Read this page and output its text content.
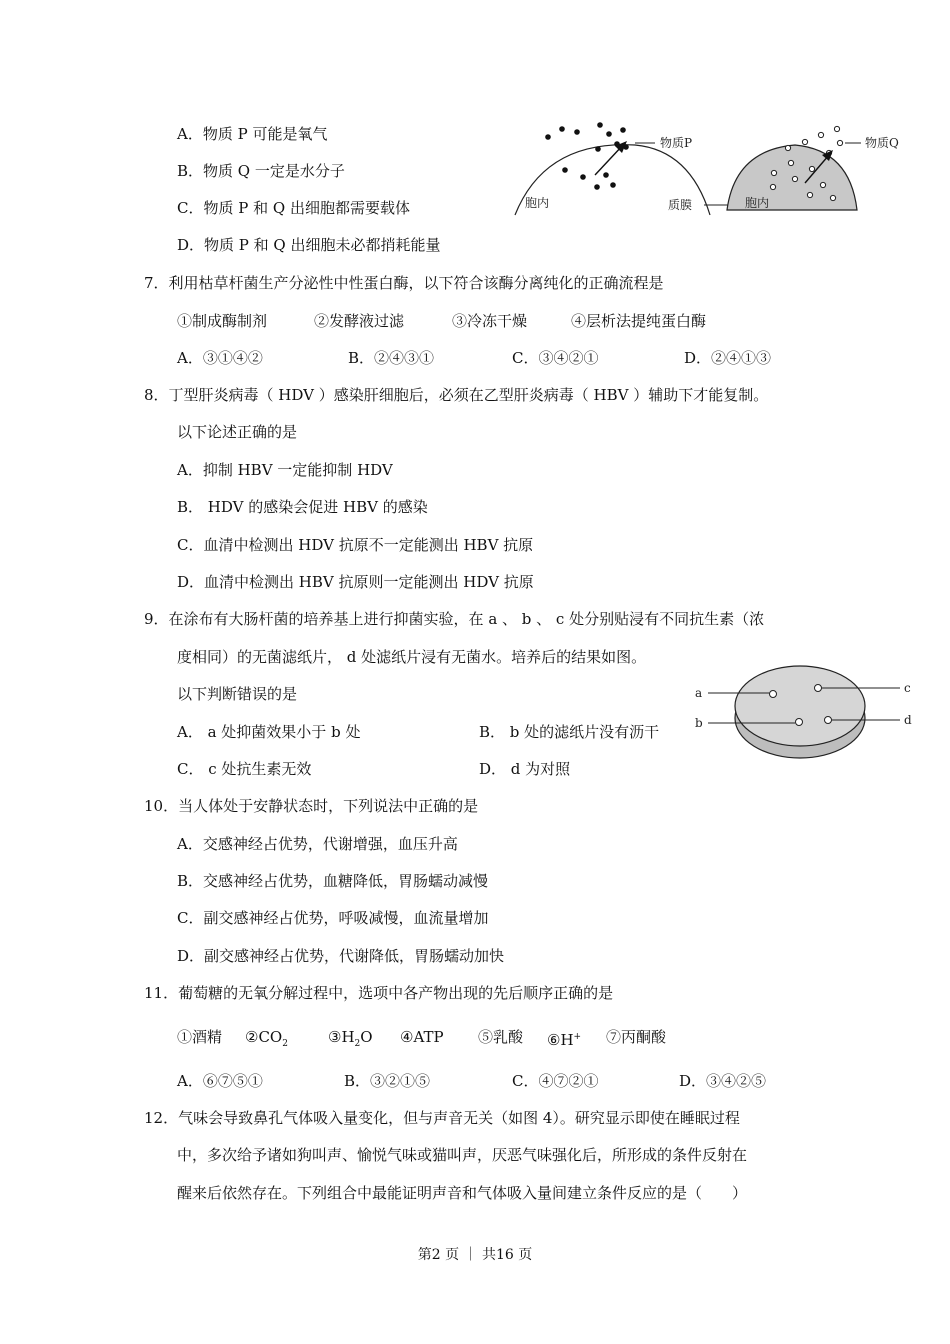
A．物质 P 可能是氧气
B．物质 Q 一定是水分子
C．物质 P 和 Q 出细胞都需要载体
D．物质 P 和 Q 出细胞未必都捎耗能量
物质P
胞内	质膜
物质Q
胞内
7．利用枯草杆菌生产分泌性中性蛋白酶，以下符合该酶分离纯化的正确流程是
①制成酶制剂	②发酵液过滤	③冷冻干燥	④层析法提纯蛋白酶
A．③①④②	B．②④③①	C．③④②①	D．②④①③
8．丁型肝炎病毒（ HDV ）感染肝细胞后，必须在乙型肝炎病毒（ HBV ）辅助下才能复制。
以下论述正确的是
A．抑制 HBV 一定能抑制 HDV
B． HDV 的感染会促进 HBV 的感染
C．血清中检测出 HDV 抗原不一定能测出 HBV 抗原
D．血清中检测出 HBV 抗原则一定能测出 HDV 抗原
9．在涂布有大肠杆菌的培养基上进行抑菌实验，在 a 、 b 、 c 处分别贴浸有不同抗生素（浓
度相同）的无菌滤纸片， d 处滤纸片浸有无菌水。培养后的结果如图。
以下判断错误的是
A． a 处抑菌效果小于 b 处	B． b 处的滤纸片没有沥干
C． c 处抗生素无效	D． d 为对照
a
b
c
d
10．当人体处于安静状态时，下列说法中正确的是
A．交感神经占优势，代谢增强，血压升高
B．交感神经占优势，血糖降低，胃肠蠕动减慢
C．副交感神经占优势，呼吸减慢，血流量增加
D．副交感神经占优势，代谢降低，胃肠蠕动加快
11．葡萄糖的无氧分解过程中，选项中各产物出现的先后顺序正确的是
①酒精 $②CO_2$	$③H_2O$ ④ATP ⑤乳酸 ⑥H+ ⑦丙酮酸
A．⑥⑦⑤①	B．③②①⑤	C．④⑦②①	D．③④②⑤
12．气味会导致鼻孔气体吸入量变化，但与声音无关（如图 4）。研究显示即使在睡眠过程
中，多次给予诸如狗叫声、愉悦气味或猫叫声，厌恶气味强化后，所形成的条件反射在
醒来后依然存在。下列组合中最能证明声音和气体吸入量间建立条件反应的是（　　）
第2 页 ｜ 共16 页
